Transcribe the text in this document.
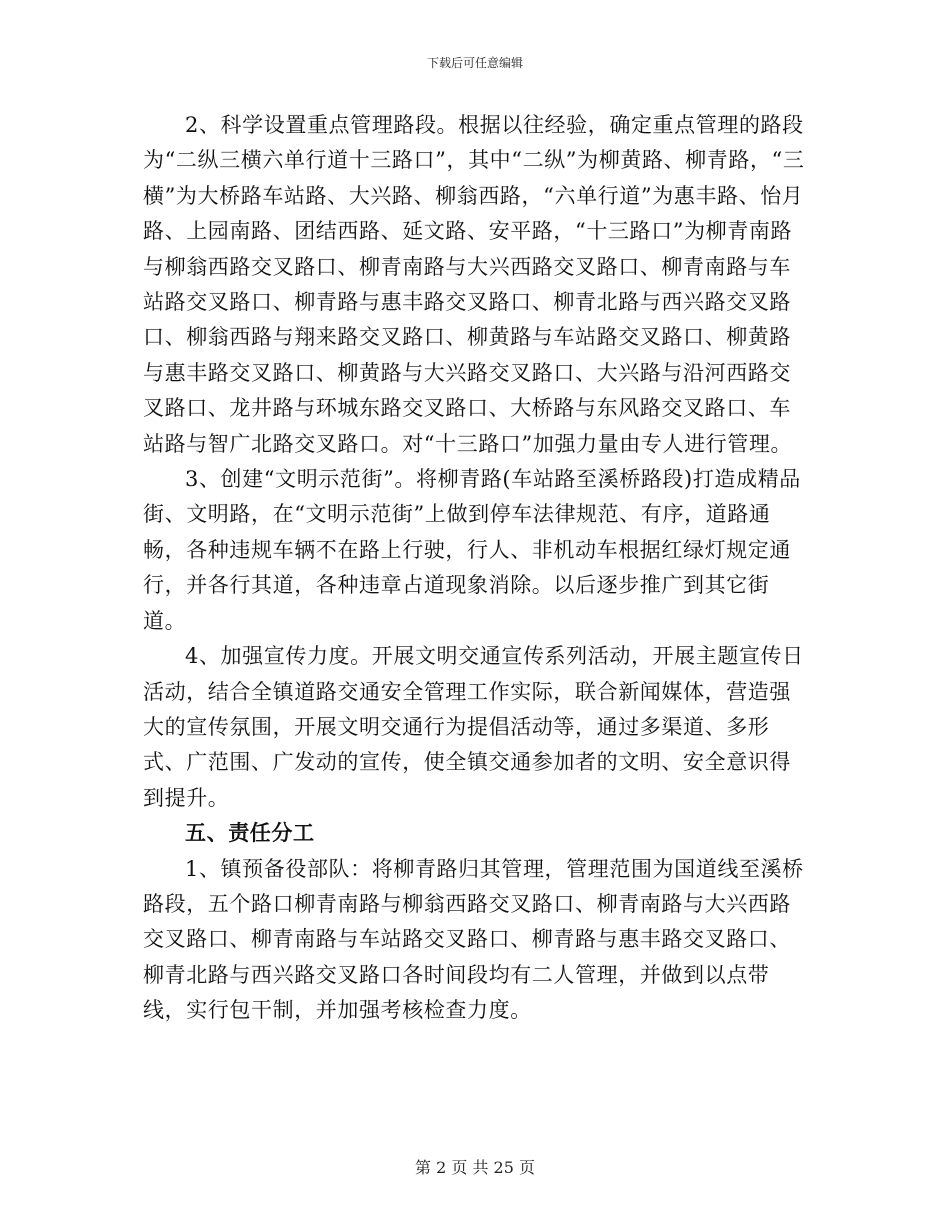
下载后可任意编辑

2、科学设置重点管理路段。根据以往经验，确定重点管理的路段为“二纵三横六单行道十三路口”，其中“二纵”为柳黄路、柳青路，“三横”为大桥路车站路、大兴路、柳翁西路，“六单行道”为惠丰路、怡月路、上园南路、团结西路、延文路、安平路，“十三路口”为柳青南路与柳翁西路交叉路口、柳青南路与大兴西路交叉路口、柳青南路与车站路交叉路口、柳青路与惠丰路交叉路口、柳青北路与西兴路交叉路口、柳翁西路与翔来路交叉路口、柳黄路与车站路交叉路口、柳黄路与惠丰路交叉路口、柳黄路与大兴路交叉路口、大兴路与沿河西路交叉路口、龙井路与环城东路交叉路口、大桥路与东风路交叉路口、车站路与智广北路交叉路口。对“十三路口”加强力量由专人进行管理。

3、创建“文明示范街”。将柳青路(车站路至溪桥路段)打造成精品街、文明路，在“文明示范街”上做到停车法律规范、有序，道路通畅，各种违规车辆不在路上行驶，行人、非机动车根据红绿灯规定通行，并各行其道，各种违章占道现象消除。以后逐步推广到其它街道。

4、加强宣传力度。开展文明交通宣传系列活动，开展主题宣传日活动，结合全镇道路交通安全管理工作实际，联合新闻媒体，营造强大的宣传氛围，开展文明交通行为提倡活动等，通过多渠道、多形式、广范围、广发动的宣传，使全镇交通参加者的文明、安全意识得到提升。

五、责任分工

1、镇预备役部队：将柳青路归其管理，管理范围为国道线至溪桥路段，五个路口柳青南路与柳翁西路交叉路口、柳青南路与大兴西路交叉路口、柳青南路与车站路交叉路口、柳青路与惠丰路交叉路口、柳青北路与西兴路交叉路口各时间段均有二人管理，并做到以点带线，实行包干制，并加强考核检查力度。

第 2 页 共 25 页
